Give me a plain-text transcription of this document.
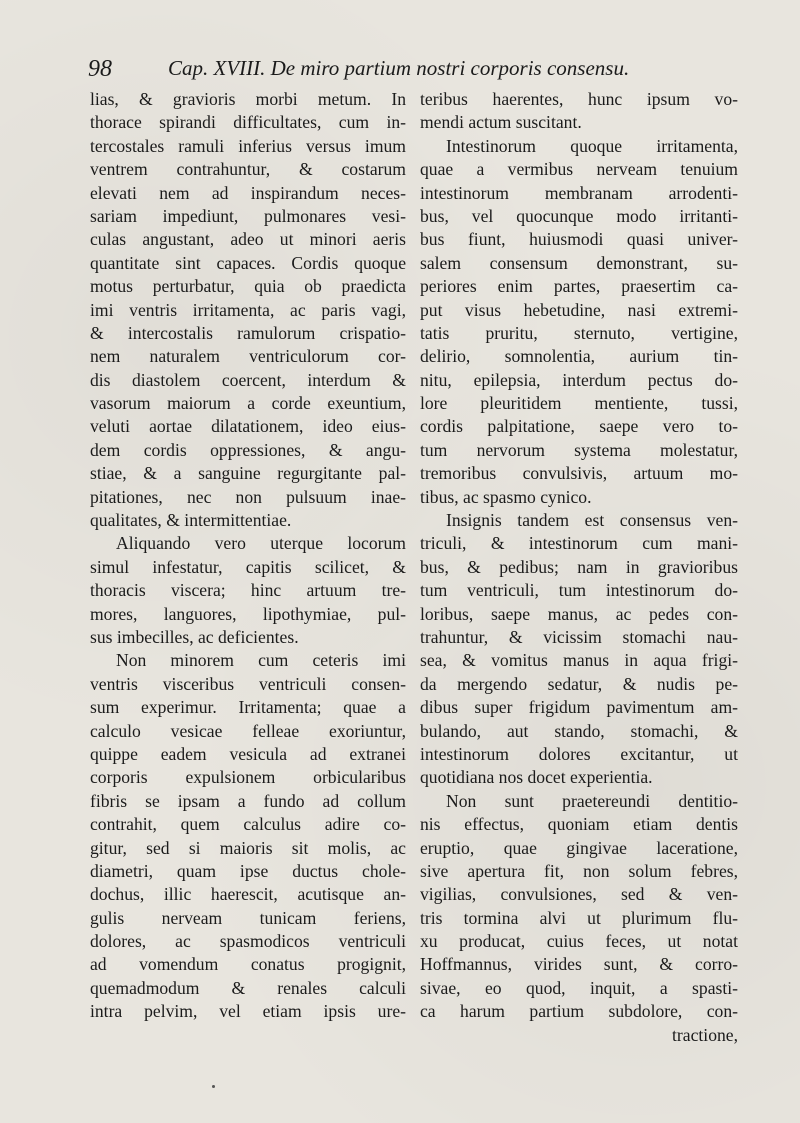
98	Cap. XVIII. De miro partium nostri corporis consensu.
lias, & gravioris morbi metum. In
thorace spirandi difficultates, cum in-
tercostales ramuli inferius versus imum
ventrem contrahuntur, & costarum
elevati nem ad inspirandum neces-
sariam impediunt, pulmonares vesi-
culas angustant, adeo ut minori aeris
quantitate sint capaces. Cordis quoque
motus perturbatur, quia ob praedicta
imi ventris irritamenta, ac paris vagi,
& intercostalis ramulorum crispatio-
nem naturalem ventriculorum cor-
dis diastolem coercent, interdum &
vasorum maiorum a corde exeuntium,
veluti aortae dilatationem, ideo eius-
dem cordis oppressiones, & angu-
stiae, & a sanguine regurgitante pal-
pitationes, nec non pulsuum inae-
qualitates, & intermittentiae.
Aliquando vero uterque locorum
simul infestatur, capitis scilicet, &
thoracis viscera; hinc artuum tre-
mores, languores, lipothymiae, pul-
sus imbecilles, ac deficientes.
Non minorem cum ceteris imi
ventris visceribus ventriculi consen-
sum experimur. Irritamenta; quae a
calculo vesicae felleae exoriuntur,
quippe eadem vesicula ad extranei
corporis expulsionem orbicularibus
fibris se ipsam a fundo ad collum
contrahit, quem calculus adire co-
gitur, sed si maioris sit molis, ac
diametri, quam ipse ductus chole-
dochus, illic haerescit, acutisque an-
gulis nerveam tunicam feriens,
dolores, ac spasmodicos ventriculi
ad vomendum conatus progignit,
quemadmodum & renales calculi
intra pelvim, vel etiam ipsis ure-
teribus haerentes, hunc ipsum vo-
mendi actum suscitant.
Intestinorum quoque irritamenta,
quae a vermibus nerveam tenuium
intestinorum membranam arrodenti-
bus, vel quocunque modo irritanti-
bus fiunt, huiusmodi quasi univer-
salem consensum demonstrant, su-
periores enim partes, praesertim ca-
put visus hebetudine, nasi extremi-
tatis pruritu, sternuto, vertigine,
delirio, somnolentia, aurium tin-
nitu, epilepsia, interdum pectus do-
lore pleuritidem mentiente, tussi,
cordis palpitatione, saepe vero to-
tum nervorum systema molestatur,
tremoribus convulsivis, artuum mo-
tibus, ac spasmo cynico.
Insignis tandem est consensus ven-
triculi, & intestinorum cum mani-
bus, & pedibus; nam in gravioribus
tum ventriculi, tum intestinorum do-
loribus, saepe manus, ac pedes con-
trahuntur, & vicissim stomachi nau-
sea, & vomitus manus in aqua frigi-
da mergendo sedatur, & nudis pe-
dibus super frigidum pavimentum am-
bulando, aut stando, stomachi, &
intestinorum dolores excitantur, ut
quotidiana nos docet experientia.
Non sunt praetereundi dentitio-
nis effectus, quoniam etiam dentis
eruptio, quae gingivae laceratione,
sive apertura fit, non solum febres,
vigilias, convulsiones, sed & ven-
tris tormina alvi ut plurimum flu-
xu producat, cuius feces, ut notat
Hoffmannus, virides sunt, & corro-
sivae, eo quod, inquit, a spasti-
ca harum partium subdolore, con-
tractione,
